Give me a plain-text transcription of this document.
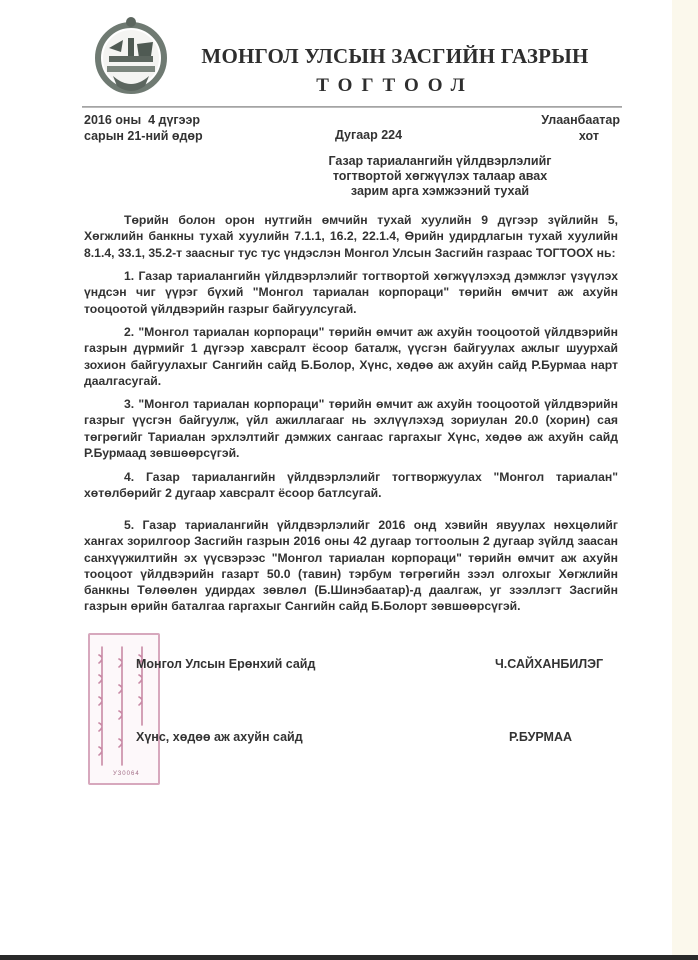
МОНГОЛ УЛСЫН ЗАСГИЙН ГАЗРЫН
ТОГТООЛ
2016 оны  4 дүгээр
сарын 21-ний өдөр	Дугаар 224
Улаанбаатар
хот
Газар тариалангийн үйлдвэрлэлийг
тогтвортой хөгжүүлэх талаар авах
зарим арга хэмжээний тухай

Төрийн болон орон нутгийн өмчийн тухай хуулийн 9 дүгээр зүйлийн 5, Хөгжлийн банкны тухай хуулийн 7.1.1, 16.2, 22.1.4, Өрийн удирдлагын тухай хуулийн 8.1.4, 33.1, 35.2-т заасныг тус тус үндэслэн Монгол Улсын Засгийн газраас ТОГТООХ нь:

1. Газар тариалангийн үйлдвэрлэлийг тогтвортой хөгжүүлэхэд дэмжлэг үзүүлэх үндсэн чиг үүрэг бүхий "Монгол тариалан корпораци" төрийн өмчит аж ахуйн тооцоотой үйлдвэрийн газрыг байгуулсугай.

2. "Монгол тариалан корпораци" төрийн өмчит аж ахуйн тооцоотой үйлдвэрийн газрын дүрмийг 1 дүгээр хавсралт ёсоор баталж, үүсгэн байгуулах ажлыг шуурхай зохион байгуулахыг Сангийн сайд Б.Болор, Хүнс, хөдөө аж ахуйн сайд Р.Бурмаа нарт даалгасугай.

3. "Монгол тариалан корпораци" төрийн өмчит аж ахуйн тооцоотой үйлдвэрийн газрыг үүсгэн байгуулж, үйл ажиллагааг нь эхлүүлэхэд зориулан 20.0 (хорин) сая төгрөгийг Тариалан эрхлэлтийг дэмжих сангаас гаргахыг Хүнс, хөдөө аж ахуйн сайд Р.Бурмаад зөвшөөрсүгэй.

4. Газар тариалангийн үйлдвэрлэлийг тогтворжуулах "Монгол тариалан" хөтөлбөрийг 2 дугаар хавсралт ёсоор батлсугай.

5. Газар тариалангийн үйлдвэрлэлийг 2016 онд хэвийн явуулах нөхцөлийг хангах зорилгоор Засгийн газрын 2016 оны 42 дугаар тогтоолын 2 дугаар зүйлд заасан санхүүжилтийн эх үүсвэрээс "Монгол тариалан корпораци" төрийн өмчит аж ахуйн тооцоот үйлдвэрийн газарт 50.0 (тавин) тэрбум төгрөгийн зээл олгохыг Хөгжлийн банкны Төлөөлөн удирдах зөвлөл (Б.Шинэбаатар)-д даалгаж, уг зээллэгт Засгийн газрын өрийн баталгаа гаргахыг Сангийн сайд Б.Болорт зөвшөөрсүгэй.

УЗ0064
Монгол Улсын Ерөнхий сайд	Ч.САЙХАНБИЛЭГ
Хүнс, хөдөө аж ахуйн сайд	Р.БУРМАА
